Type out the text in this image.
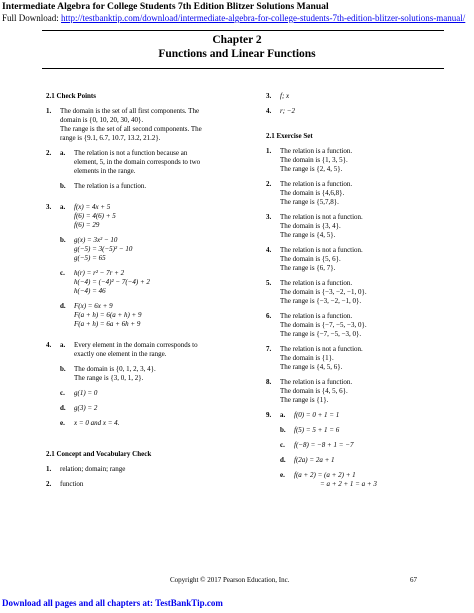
Intermediate Algebra for College Students 7th Edition Blitzer Solutions Manual
Full Download: http://testbanktip.com/download/intermediate-algebra-for-college-students-7th-edition-blitzer-solutions-manual/
Chapter 2
Functions and Linear Functions
2.1 Check Points
1.	The domain is the set of all first components. The
domain is {0, 10, 20, 30, 40}.
The range is the set of all second components. The
range is {9.1, 6.7, 10.7, 13.2, 21.2}.
2.	a.	The relation is not a function because an
element, 5, in the domain corresponds to two
elements in the range.
b.	The relation is a function.
3.	a.	f(x) = 4x + 5
f(6) = 4(6) + 5
f(6) = 29
b.	g(x) = 3x² − 10
g(−5) = 3(−5)² − 10
g(−5) = 65
c.	h(r) = r² − 7r + 2
h(−4) = (−4)² − 7(−4) + 2
h(−4) = 46
d.	F(x) = 6x + 9
F(a + h) = 6(a + h) + 9
F(a + h) = 6a + 6h + 9
4.	a.	Every element in the domain corresponds to
exactly one element in the range.
b.	The domain is {0, 1, 2, 3, 4}.
The range is {3, 0, 1, 2}.
c.	g(1) = 0
d.	g(3) = 2
e.	x = 0 and x = 4.
2.1 Concept and Vocabulary Check
1.	relation; domain; range
2.	function
3.	f; x
4.	r; −2
2.1 Exercise Set
1.	The relation is a function.
The domain is {1, 3, 5}.
The range is {2, 4, 5}.
2.	The relation is a function.
The domain is {4,6,8}.
The range is {5,7,8}.
3.	The relation is not a function.
The domain is {3, 4}.
The range is {4, 5}.
4.	The relation is not a function.
The domain is {5, 6}.
The range is {6, 7}.
5.	The relation is a function.
The domain is {−3, −2, −1, 0}.
The range is {−3, −2, −1, 0}.
6.	The relation is a function.
The domain is {−7, −5, −3, 0}.
The range is {−7, −5, −3, 0}.
7.	The relation is not a function.
The domain is {1}.
The range is {4, 5, 6}.
8.	The relation is a function.
The domain is {4, 5, 6}.
The range is {1}.
9.	a.	f(0) = 0 + 1 = 1
b.	f(5) = 5 + 1 = 6
c.	f(−8) = −8 + 1 = −7
d.	f(2a) = 2a + 1
e.	f(a + 2) = (a + 2) + 1
= a + 2 + 1 = a + 3
Copyright © 2017 Pearson Education, Inc.	67
Download all pages and all chapters at: TestBankTip.com
